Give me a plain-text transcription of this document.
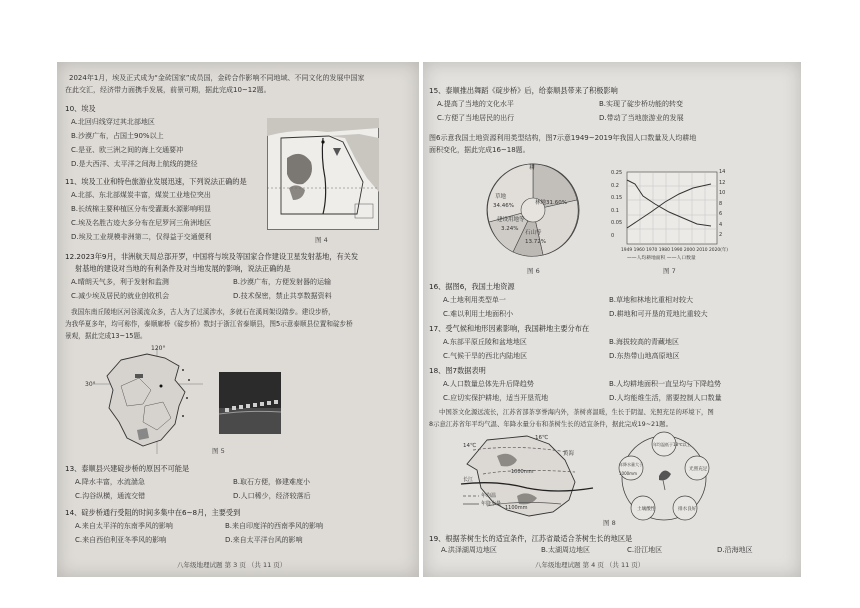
2024年1月，埃及正式成为“金砖国家”成员国，金砖合作影响不同地域、不同文化的发展中国家
在此交汇，经济带力面携手发展，前景可期，据此完成10~12题。
10、埃及
A.北回归线穿过其北部地区
B.沙漠广布，占国土90%以上
C.是亚、欧三洲之间的海上交通要冲
D.是大西洋、太平洋之间海上航线的捷径
11、埃及工业和特色旅游业发展迅速，下列说法正确的是
A.北部、东北部煤炭丰富，煤炭工业地位突出
B.长绒棉主要种植区分布受灌溉水源影响明显
C.埃及名胜古迹大多分布在尼罗河三角洲地区
D.埃及工业规模非洲第二，仅得益于交通便利	图 4
12.2023年9月，非洲航天局总部开罗，中国将与埃及等国家合作建设卫星发射基地，有关发
射基地的建设对当地的有利条件及对当地发展的影响，说法正确的是
A.晴朗天气多，利于发射和监测	B.沙漠广布，方便发射器的运输
C.减少埃及居民的就业创收机会	D.技术保密，禁止共享数据资料
我国东南丘陵地区河谷溪流众多，古人为了过溪涉水，多就石在溪间架设踏步。建设步桥，
为我华夏多年，均可称作，泰顺廊桥《碇步桥》数封于浙江省泰顺县，图5示意泰顺县位置和碇步桥
景观，据此完成13~15题。
120°
30°
图 5
13、泰顺县兴建碇步桥的原因不可能是
A.降水丰富，水流湍急	B.取石方便，修建难度小
C.沟谷纵横，通流交错	D.人口稀少，经济较落后
14、碇步桥通行受阻的时间多集中在6~8月，主要受到
A.来自太平洋的东南季风的影响	B.来自印度洋的西南季风的影响
C.来自西伯利亚冬季风的影响	D.来自太平洋台风的影响
八年级地理试题 第 3 页 （共 11 页）
15、泰顺推出舞蹈《碇步桥》后，给泰顺县带来了积极影响
A.提高了当地的文化水平	B.实现了碇步桥功能的转变
C.方便了当地居民的出行	D.带动了当地旅游业的发展
图6示意我国土地资源利用类型结构，图7示意1949~2019年我国人口数量及人均耕地
面积变化，据此完成16~18题。
耕
草地
34.46%	林地31.60%
建设用地等
3.24%
石山等
13.72%
图 6
0.25
0.2
0.15
0.1
0.05
0
14
12
10
8
6
4
2
1949 1960 1970 1980 1990 2000 2010 2020(年)
——人均耕地面积 ——人口数量
图 7
16、据图6，我国土地资源
A.土地利用类型单一	B.草地和林地比重相对较大
C.难以利用土地面积小	D.耕地和可开垦的荒地比重较大
17、受气候和地形因素影响，我国耕地主要分布在
A.东部平原丘陵和盆地地区	B.海拔较高的青藏地区
C.气候干旱的西北内陆地区	D.东热带山地高原地区
18、图7数据表明
A.人口数量总体先升后降趋势	B.人均耕地面积一直呈均与下降趋势
C.应切实保护耕地，适当开垦荒地	D.人均能维生活，需要控制人口数量
中国茶文化源远流长，江苏省部茶享誉海内外，茶树喜温暖，生长于阴湿、光照充足的环境下，图
8示意江苏省年平均气温、年降水量分布和茶树生长的适宜条件，据此完成19~21题。
16℃
14℃
黄海
1000mm
1100mm
年均温
年降水量
长江
年均温低于18℃以上
光照充足
年降水量大于1000mm
土壤酸性	排水良好
图 8
19、根据茶树生长的适宜条件，江苏省最适合茶树生长的地区是
A.洪泽湖周边地区	B.太湖周边地区	C.沿江地区	D.沿海地区
八年级地理试题 第 4 页 （共 11 页）
